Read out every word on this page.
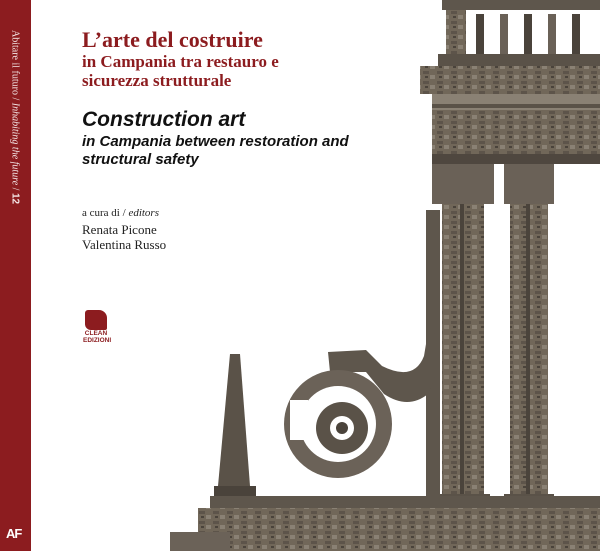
Abitare il futuro / Inhabiting the future / 12
AF
L’arte del costruire
in Campania tra restauro e sicurezza strutturale
Construction art
in Campania between restoration and structural safety
a cura di / editors
Renata Picone
Valentina Russo
CLEAN
EDIZIONI
